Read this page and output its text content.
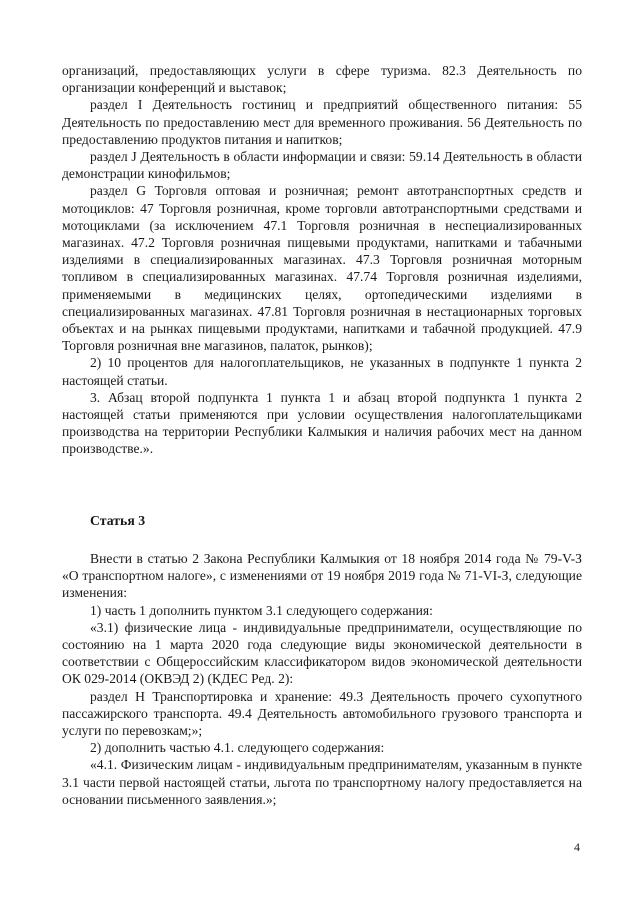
организаций, предоставляющих услуги в сфере туризма. 82.3 Деятельность по организации конференций и выставок;

раздел I Деятельность гостиниц и предприятий общественного питания: 55 Деятельность по предоставлению мест для временного проживания. 56 Деятельность по предоставлению продуктов питания и напитков;

раздел J Деятельность в области информации и связи: 59.14 Деятельность в области демонстрации кинофильмов;

раздел G Торговля оптовая и розничная; ремонт автотранспортных средств и мотоциклов: 47 Торговля розничная, кроме торговли автотранспортными средствами и мотоциклами (за исключением 47.1 Торговля розничная в неспециализированных магазинах. 47.2 Торговля розничная пищевыми продуктами, напитками и табачными изделиями в специализированных магазинах. 47.3 Торговля розничная моторным топливом в специализированных магазинах. 47.74 Торговля розничная изделиями, применяемыми в медицинских целях, ортопедическими изделиями в специализированных магазинах. 47.81 Торговля розничная в нестационарных торговых объектах и на рынках пищевыми продуктами, напитками и табачной продукцией. 47.9 Торговля розничная вне магазинов, палаток, рынков);

2) 10 процентов для налогоплательщиков, не указанных в подпункте 1 пункта 2 настоящей статьи.

3. Абзац второй подпункта 1 пункта 1 и абзац второй подпункта 1 пункта 2 настоящей статьи применяются при условии осуществления налогоплательщиками производства на территории Республики Калмыкия и наличия рабочих мест на данном производстве.».

Статья 3

Внести в статью 2 Закона Республики Калмыкия от 18 ноября 2014 года № 79-V-З «О транспортном налоге», с изменениями от 19 ноября 2019 года № 71-VI-З, следующие изменения:

1) часть 1 дополнить пунктом 3.1 следующего содержания:

«3.1) физические лица - индивидуальные предприниматели, осуществляющие по состоянию на 1 марта 2020 года следующие виды экономической деятельности в соответствии с Общероссийским классификатором видов экономической деятельности ОК 029-2014 (ОКВЭД 2) (КДЕС Ред. 2):

раздел H Транспортировка и хранение: 49.3 Деятельность прочего сухопутного пассажирского транспорта. 49.4 Деятельность автомобильного грузового транспорта и услуги по перевозкам;»;

2) дополнить частью 4.1. следующего содержания:

«4.1. Физическим лицам - индивидуальным предпринимателям, указанным в пункте 3.1 части первой настоящей статьи, льгота по транспортному налогу предоставляется на основании письменного заявления.»;

4
